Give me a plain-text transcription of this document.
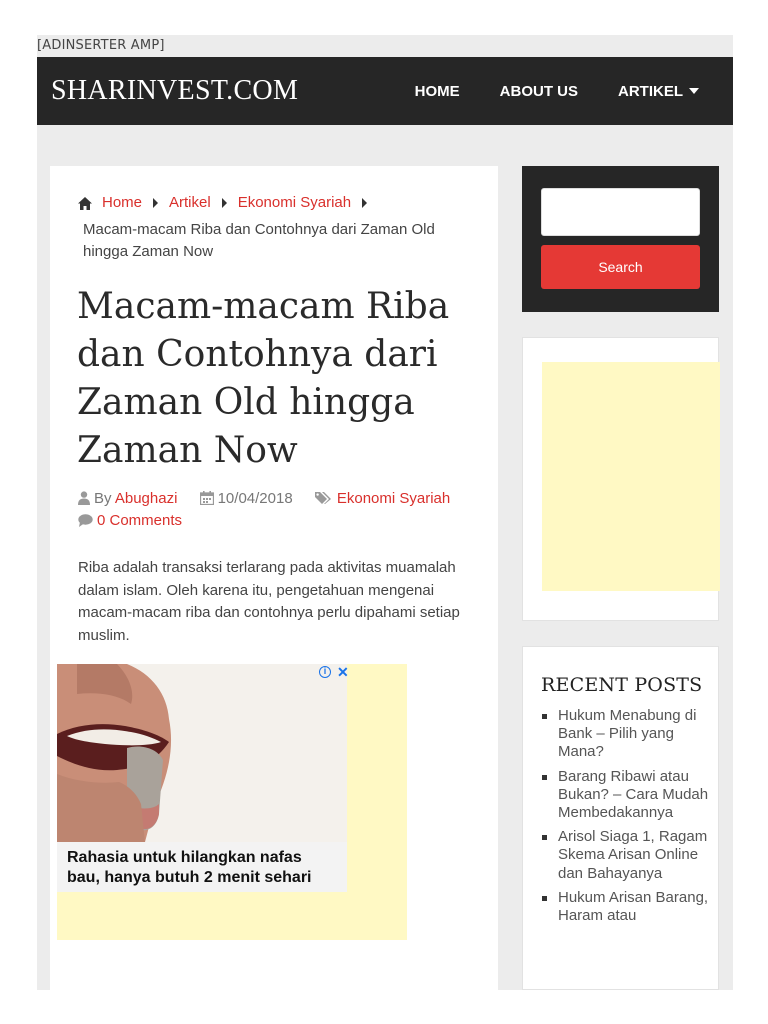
[ADINSERTER AMP]
SHARINVEST.COM	HOME	ABOUT US	ARTIKEL
Home Artikel Ekonomi Syariah
Macam-macam Riba dan Contohnya dari Zaman Old hingga Zaman Now
Macam-macam Riba dan Contohnya dari Zaman Old hingga Zaman Now
By Abughazi	10/04/2018	Ekonomi Syariah 0 Comments

Riba adalah transaksi terlarang pada aktivitas muamalah dalam islam. Oleh karena itu, pengetahuan mengenai macam-macam riba dan contohnya perlu dipahami setiap muslim.

i ✕
Rahasia untuk hilangkan nafas bau, hanya butuh 2 menit sehari
Search
RECENT POSTS
Hukum Menabung di Bank – Pilih yang Mana?
Barang Ribawi atau Bukan? – Cara Mudah Membedakannya
Arisol Siaga 1, Ragam Skema Arisan Online dan Bahayanya
Hukum Arisan Barang, Haram atau
